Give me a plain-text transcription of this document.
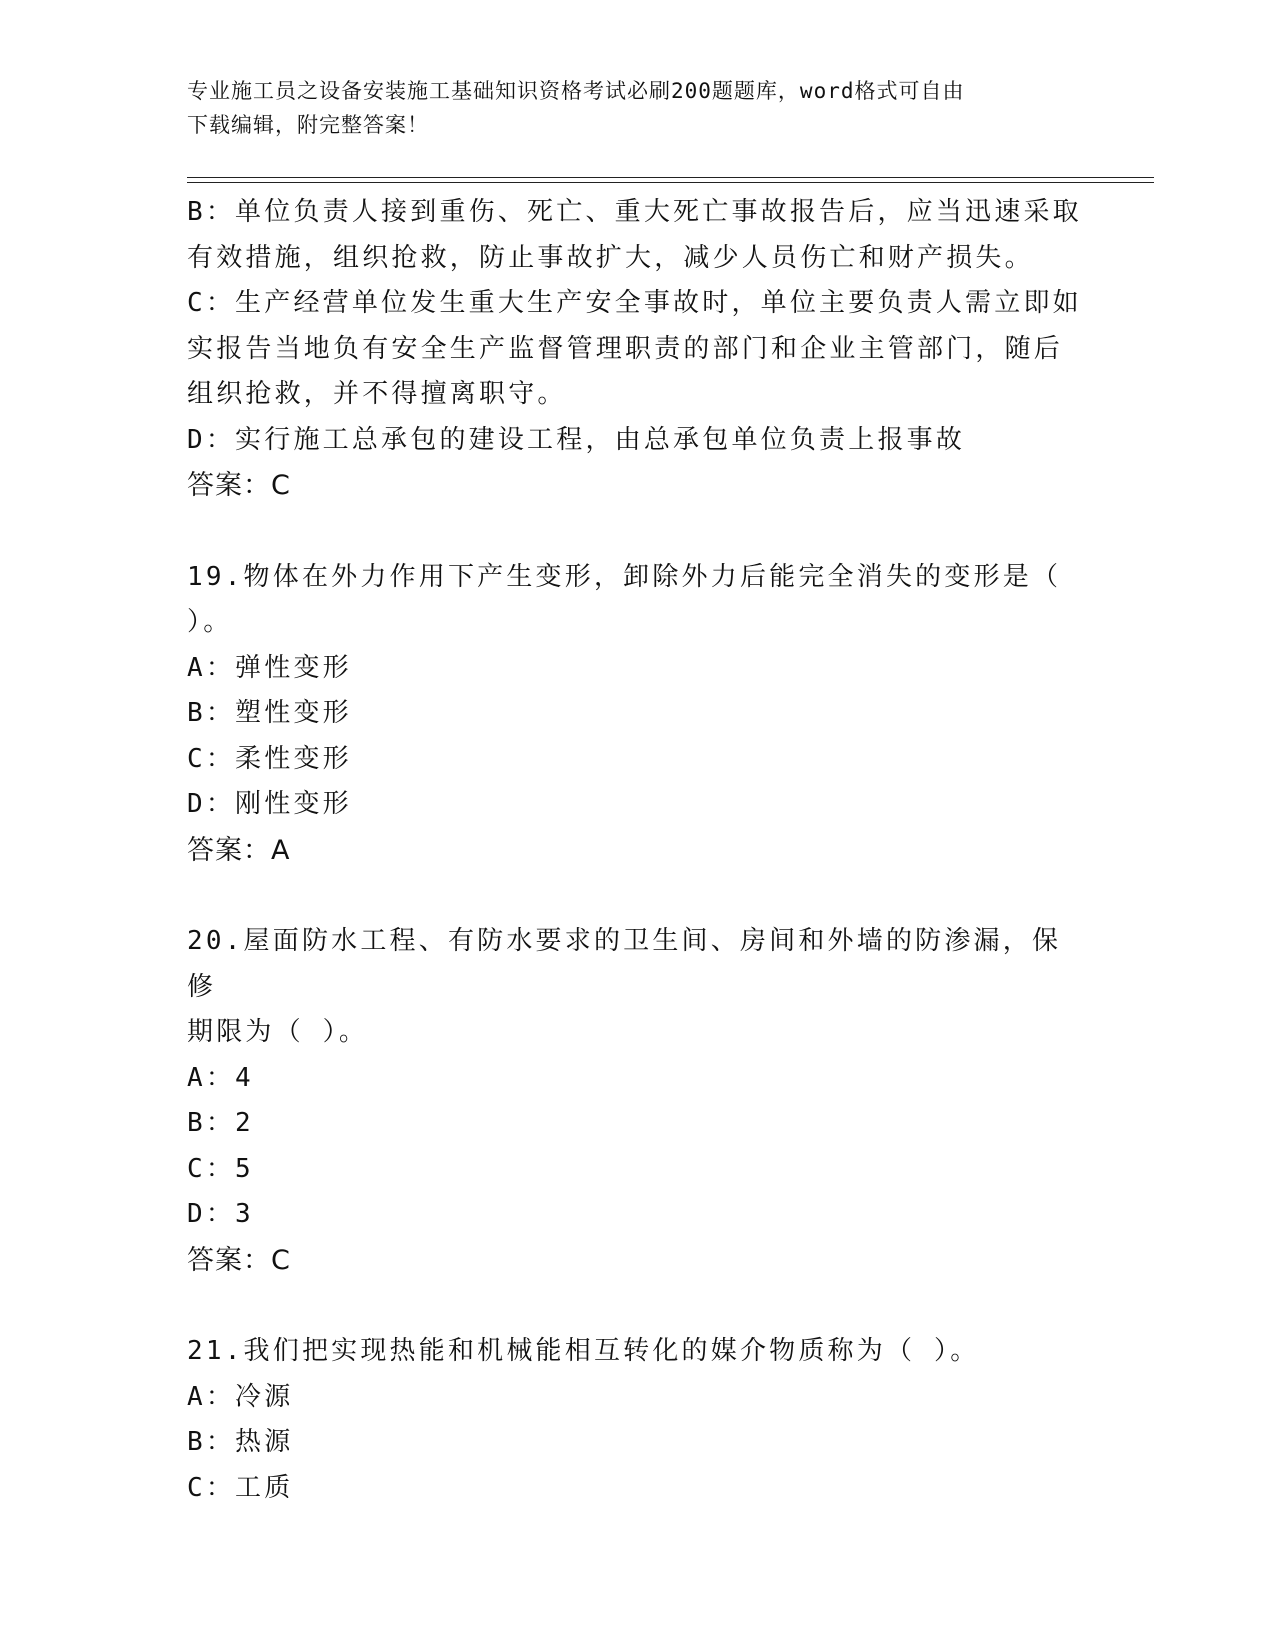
专业施工员之设备安装施工基础知识资格考试必刷200题题库，word格式可自由
下载编辑，附完整答案！

B：单位负责人接到重伤、死亡、重大死亡事故报告后，应当迅速采取

有效措施，组织抢救，防止事故扩大，减少人员伤亡和财产损失。

C：生产经营单位发生重大生产安全事故时，单位主要负责人需立即如

实报告当地负有安全生产监督管理职责的部门和企业主管部门，随后

组织抢救，并不得擅离职守。

D：实行施工总承包的建设工程，由总承包单位负责上报事故

答案：C

19.物体在外力作用下产生变形，卸除外力后能完全消失的变形是（

）。

A：弹性变形

B：塑性变形

C：柔性变形

D：刚性变形

答案：A

20.屋面防水工程、有防水要求的卫生间、房间和外墙的防渗漏，保修

期限为（ ）。

A：4

B：2

C：5

D：3

答案：C

21.我们把实现热能和机械能相互转化的媒介物质称为（ ）。

A：冷源

B：热源

C：工质
